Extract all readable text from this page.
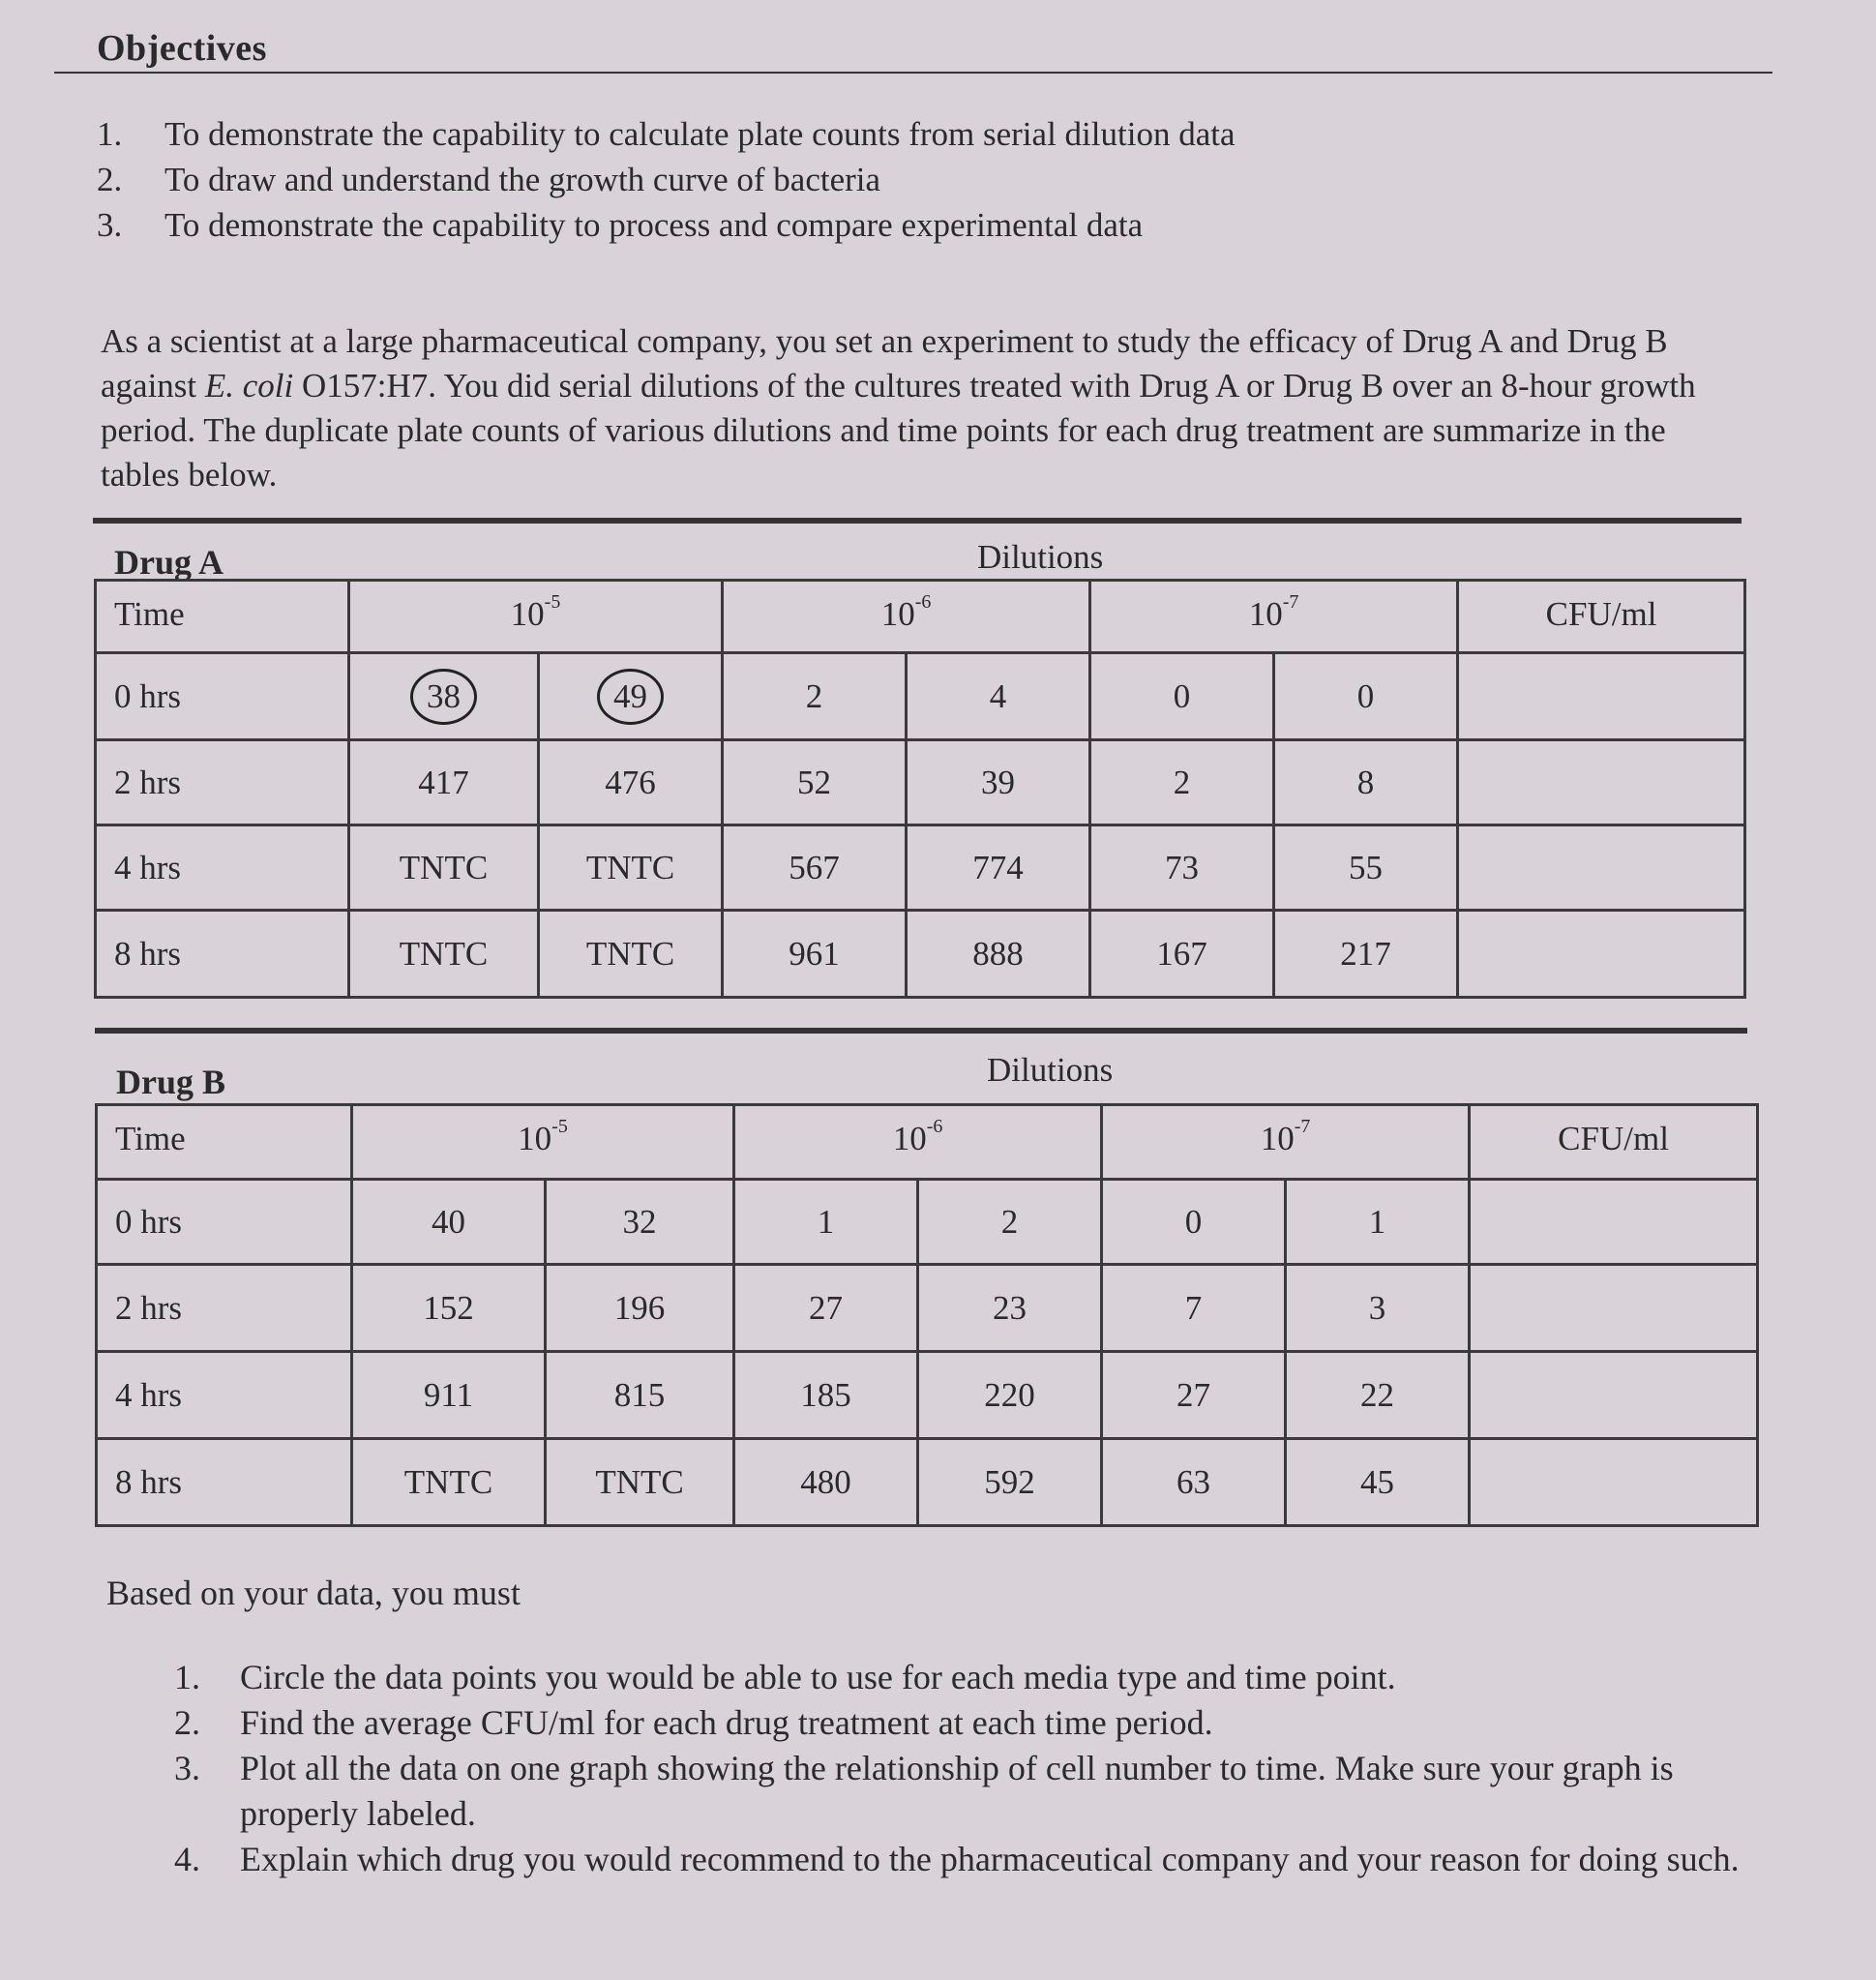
Objectives
1.	To demonstrate the capability to calculate plate counts from serial dilution data
2.	To draw and understand the growth curve of bacteria
3.	To demonstrate the capability to process and compare experimental data

As a scientist at a large pharmaceutical company, you set an experiment to study the efficacy of Drug A and Drug B against E. coli O157:H7. You did serial dilutions of the cultures treated with Drug A or Drug B over an 8-hour growth period. The duplicate plate counts of various dilutions and time points for each drug treatment are summarize in the tables below.

Drug A	Dilutions
Time	$10^{-5}$		$10^{-6}$		$10^{-7}$		CFU/ml
0 hrs	38	49	2	4	0	0	
2 hrs	417	476	52	39	2	8	
4 hrs	TNTC	TNTC	567	774	73	55	
8 hrs	TNTC	TNTC	961	888	167	217	
Drug B	Dilutions
Time	$10^{-5}$		$10^{-6}$		$10^{-7}$		CFU/ml
0 hrs	40	32	1	2	0	1	
2 hrs	152	196	27	23	7	3	
4 hrs	911	815	185	220	27	22	
8 hrs	TNTC	TNTC	480	592	63	45	
Based on your data, you must
1.	Circle the data points you would be able to use for each media type and time point.
2.	Find the average CFU/ml for each drug treatment at each time period.
3.	Plot all the data on one graph showing the relationship of cell number to time. Make sure your graph is properly labeled.
4.	Explain which drug you would recommend to the pharmaceutical company and your reason for doing such.
